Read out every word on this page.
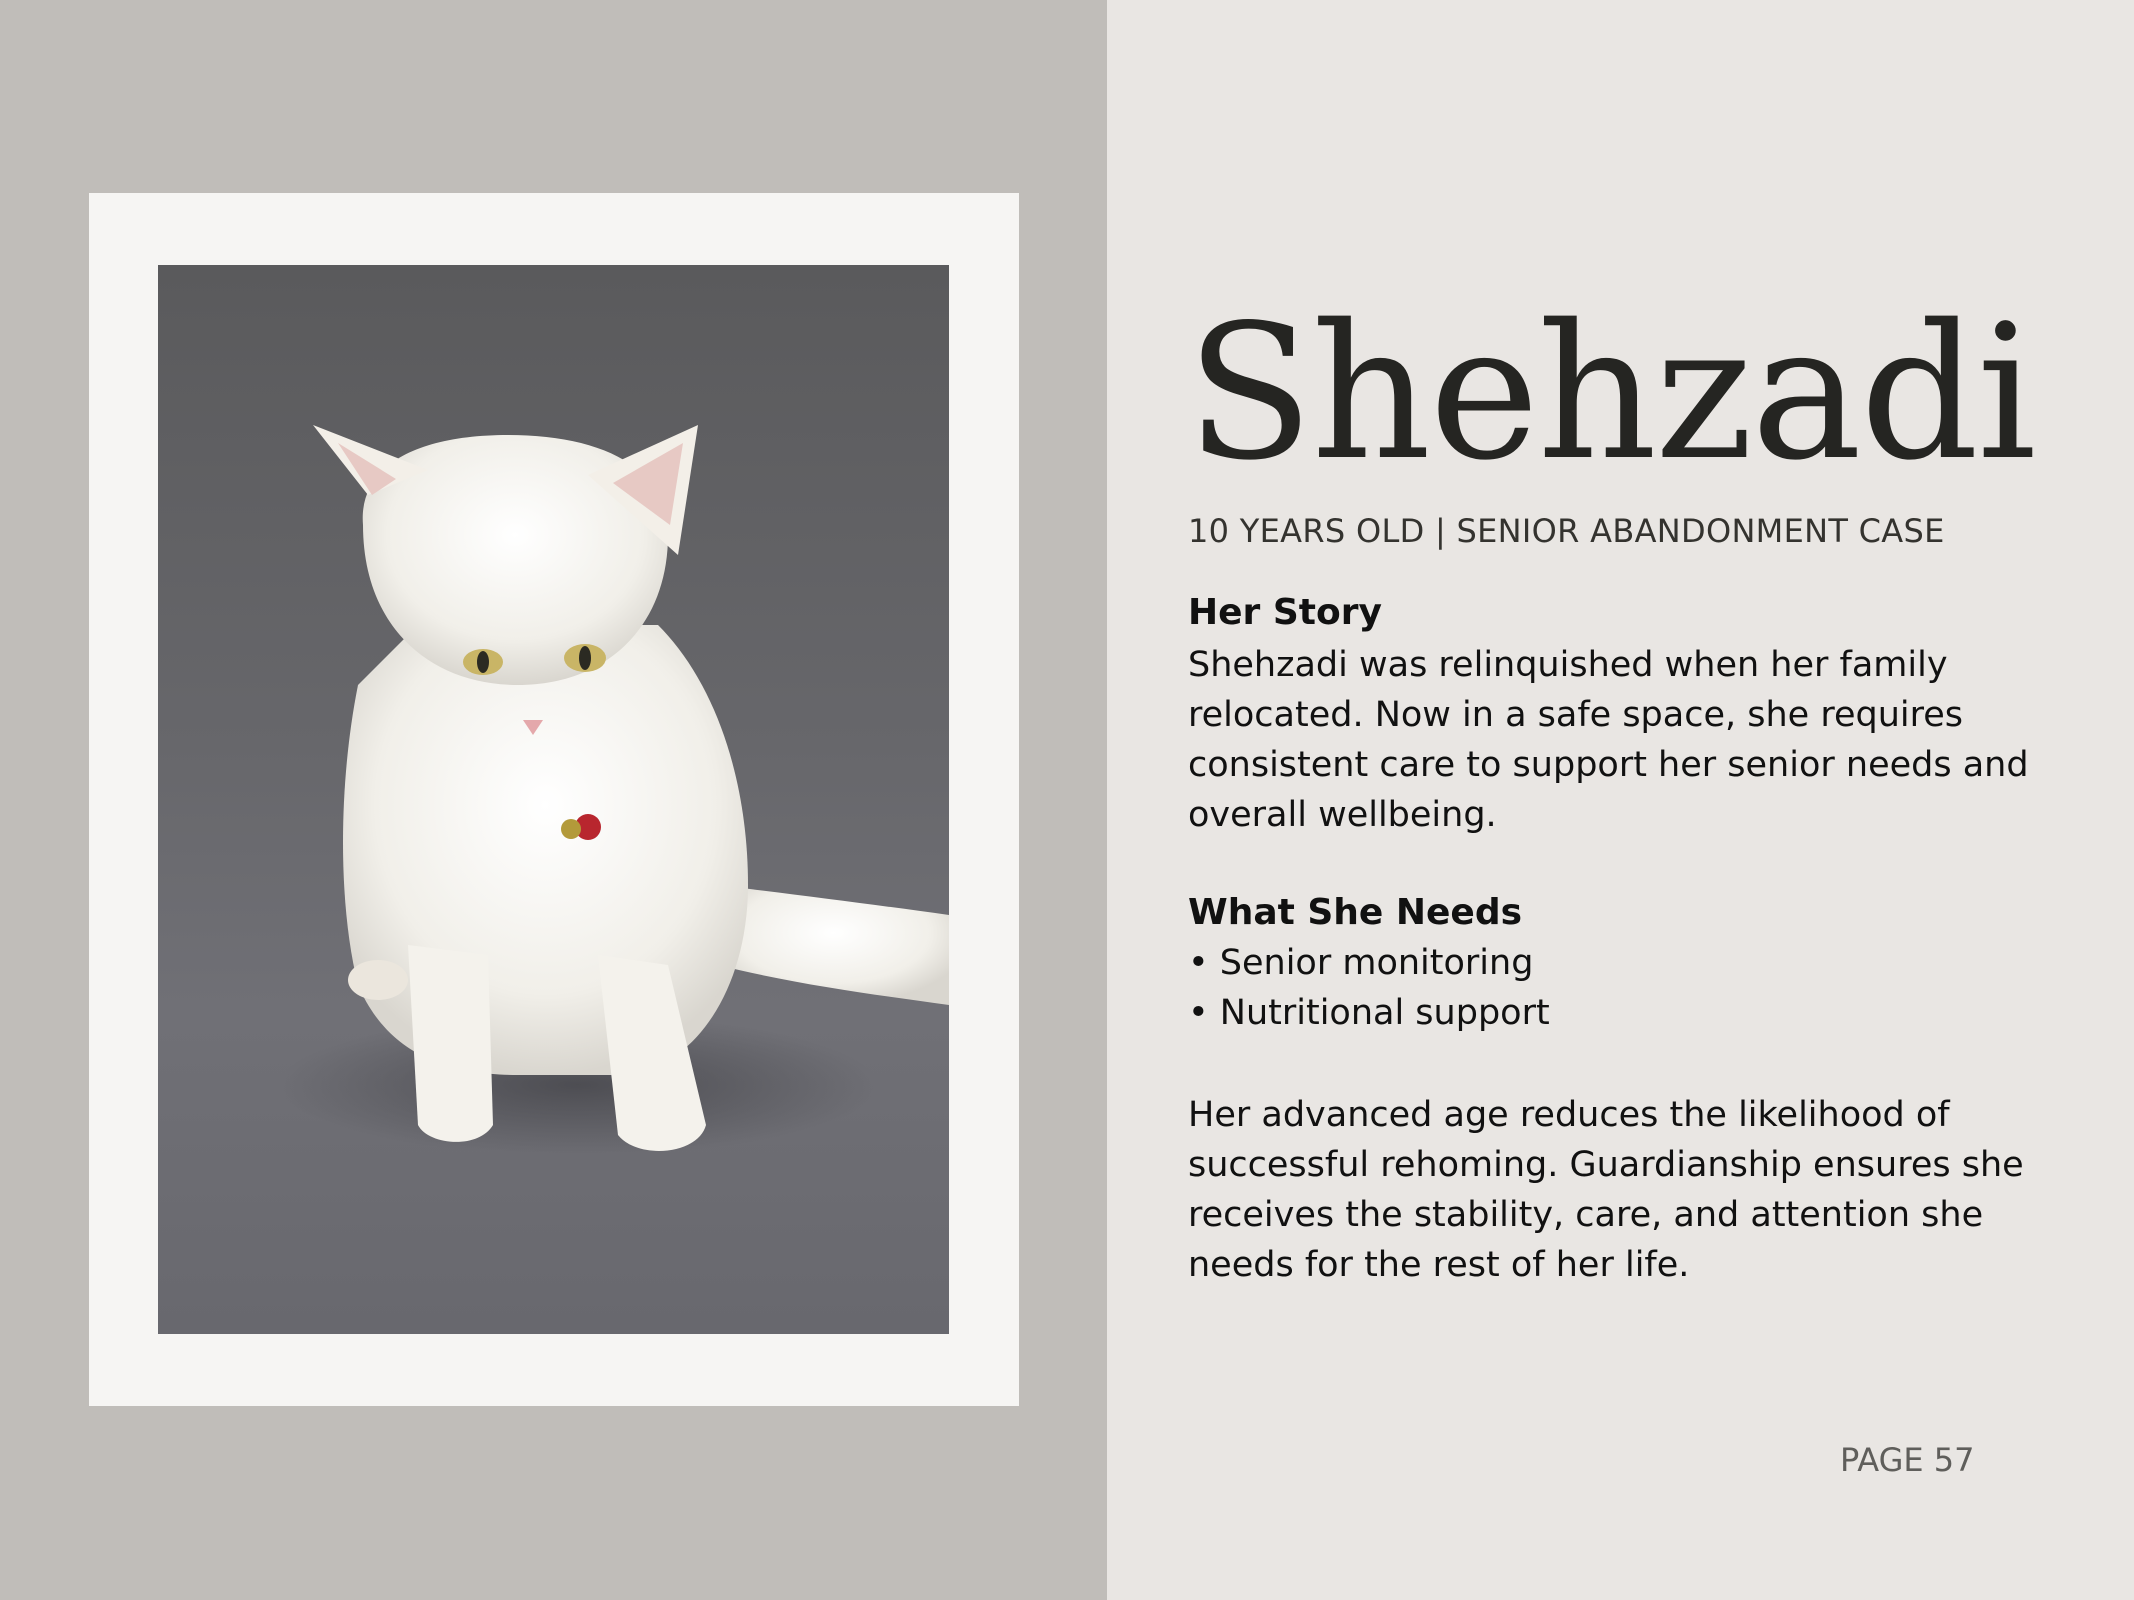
Shehzadi

10 YEARS OLD | SENIOR ABANDONMENT CASE

Her Story

Shehzadi was relinquished when her family relocated. Now in a safe space, she requires consistent care to support her senior needs and overall wellbeing.

What She Needs
• Senior monitoring
• Nutritional support

Her advanced age reduces the likelihood of successful rehoming. Guardianship ensures she receives the stability, care, and attention she needs for the rest of her life.

PAGE 57
